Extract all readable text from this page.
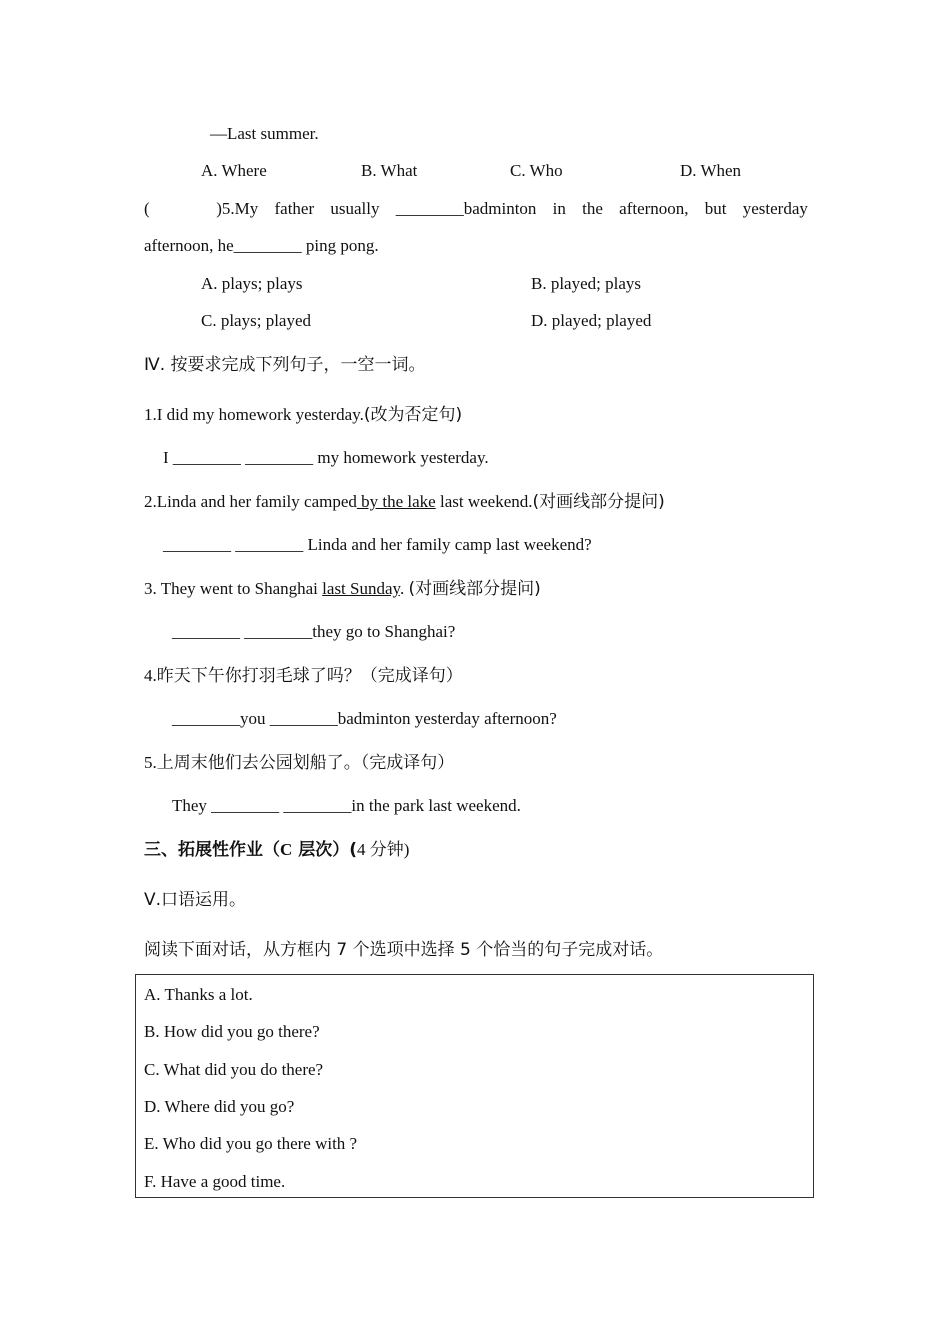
—Last summer.
A. Where	B. What	C. Who	D. When
(	)5.My father usually ________badminton in the afternoon, but yesterday
afternoon, he________ ping pong.
A. plays; plays	B. played; plays
C. plays; played	D. played; played
Ⅳ. 按要求完成下列句子，一空一词。
1.I did my homework yesterday.(改为否定句)
I ________ ________ my homework yesterday.
2.Linda and her family camped by the lake last weekend.(对画线部分提问)
________ ________ Linda and her family camp last weekend?
3. They went to Shanghai last Sunday. (对画线部分提问)
________ ________they go to Shanghai?
4.昨天下午你打羽毛球了吗？（完成译句）
________you ________badminton yesterday afternoon?
5.上周末他们去公园划船了。（完成译句）
They ________ ________in the park last weekend.
三、拓展性作业（C 层次）(4 分钟)
Ⅴ.口语运用。
阅读下面对话，从方框内 7 个选项中选择 5 个恰当的句子完成对话。
A. Thanks a lot.
B. How did you go there?
C. What did you do there?
D. Where did you go?
E. Who did you go there with ?
F. Have a good time.
